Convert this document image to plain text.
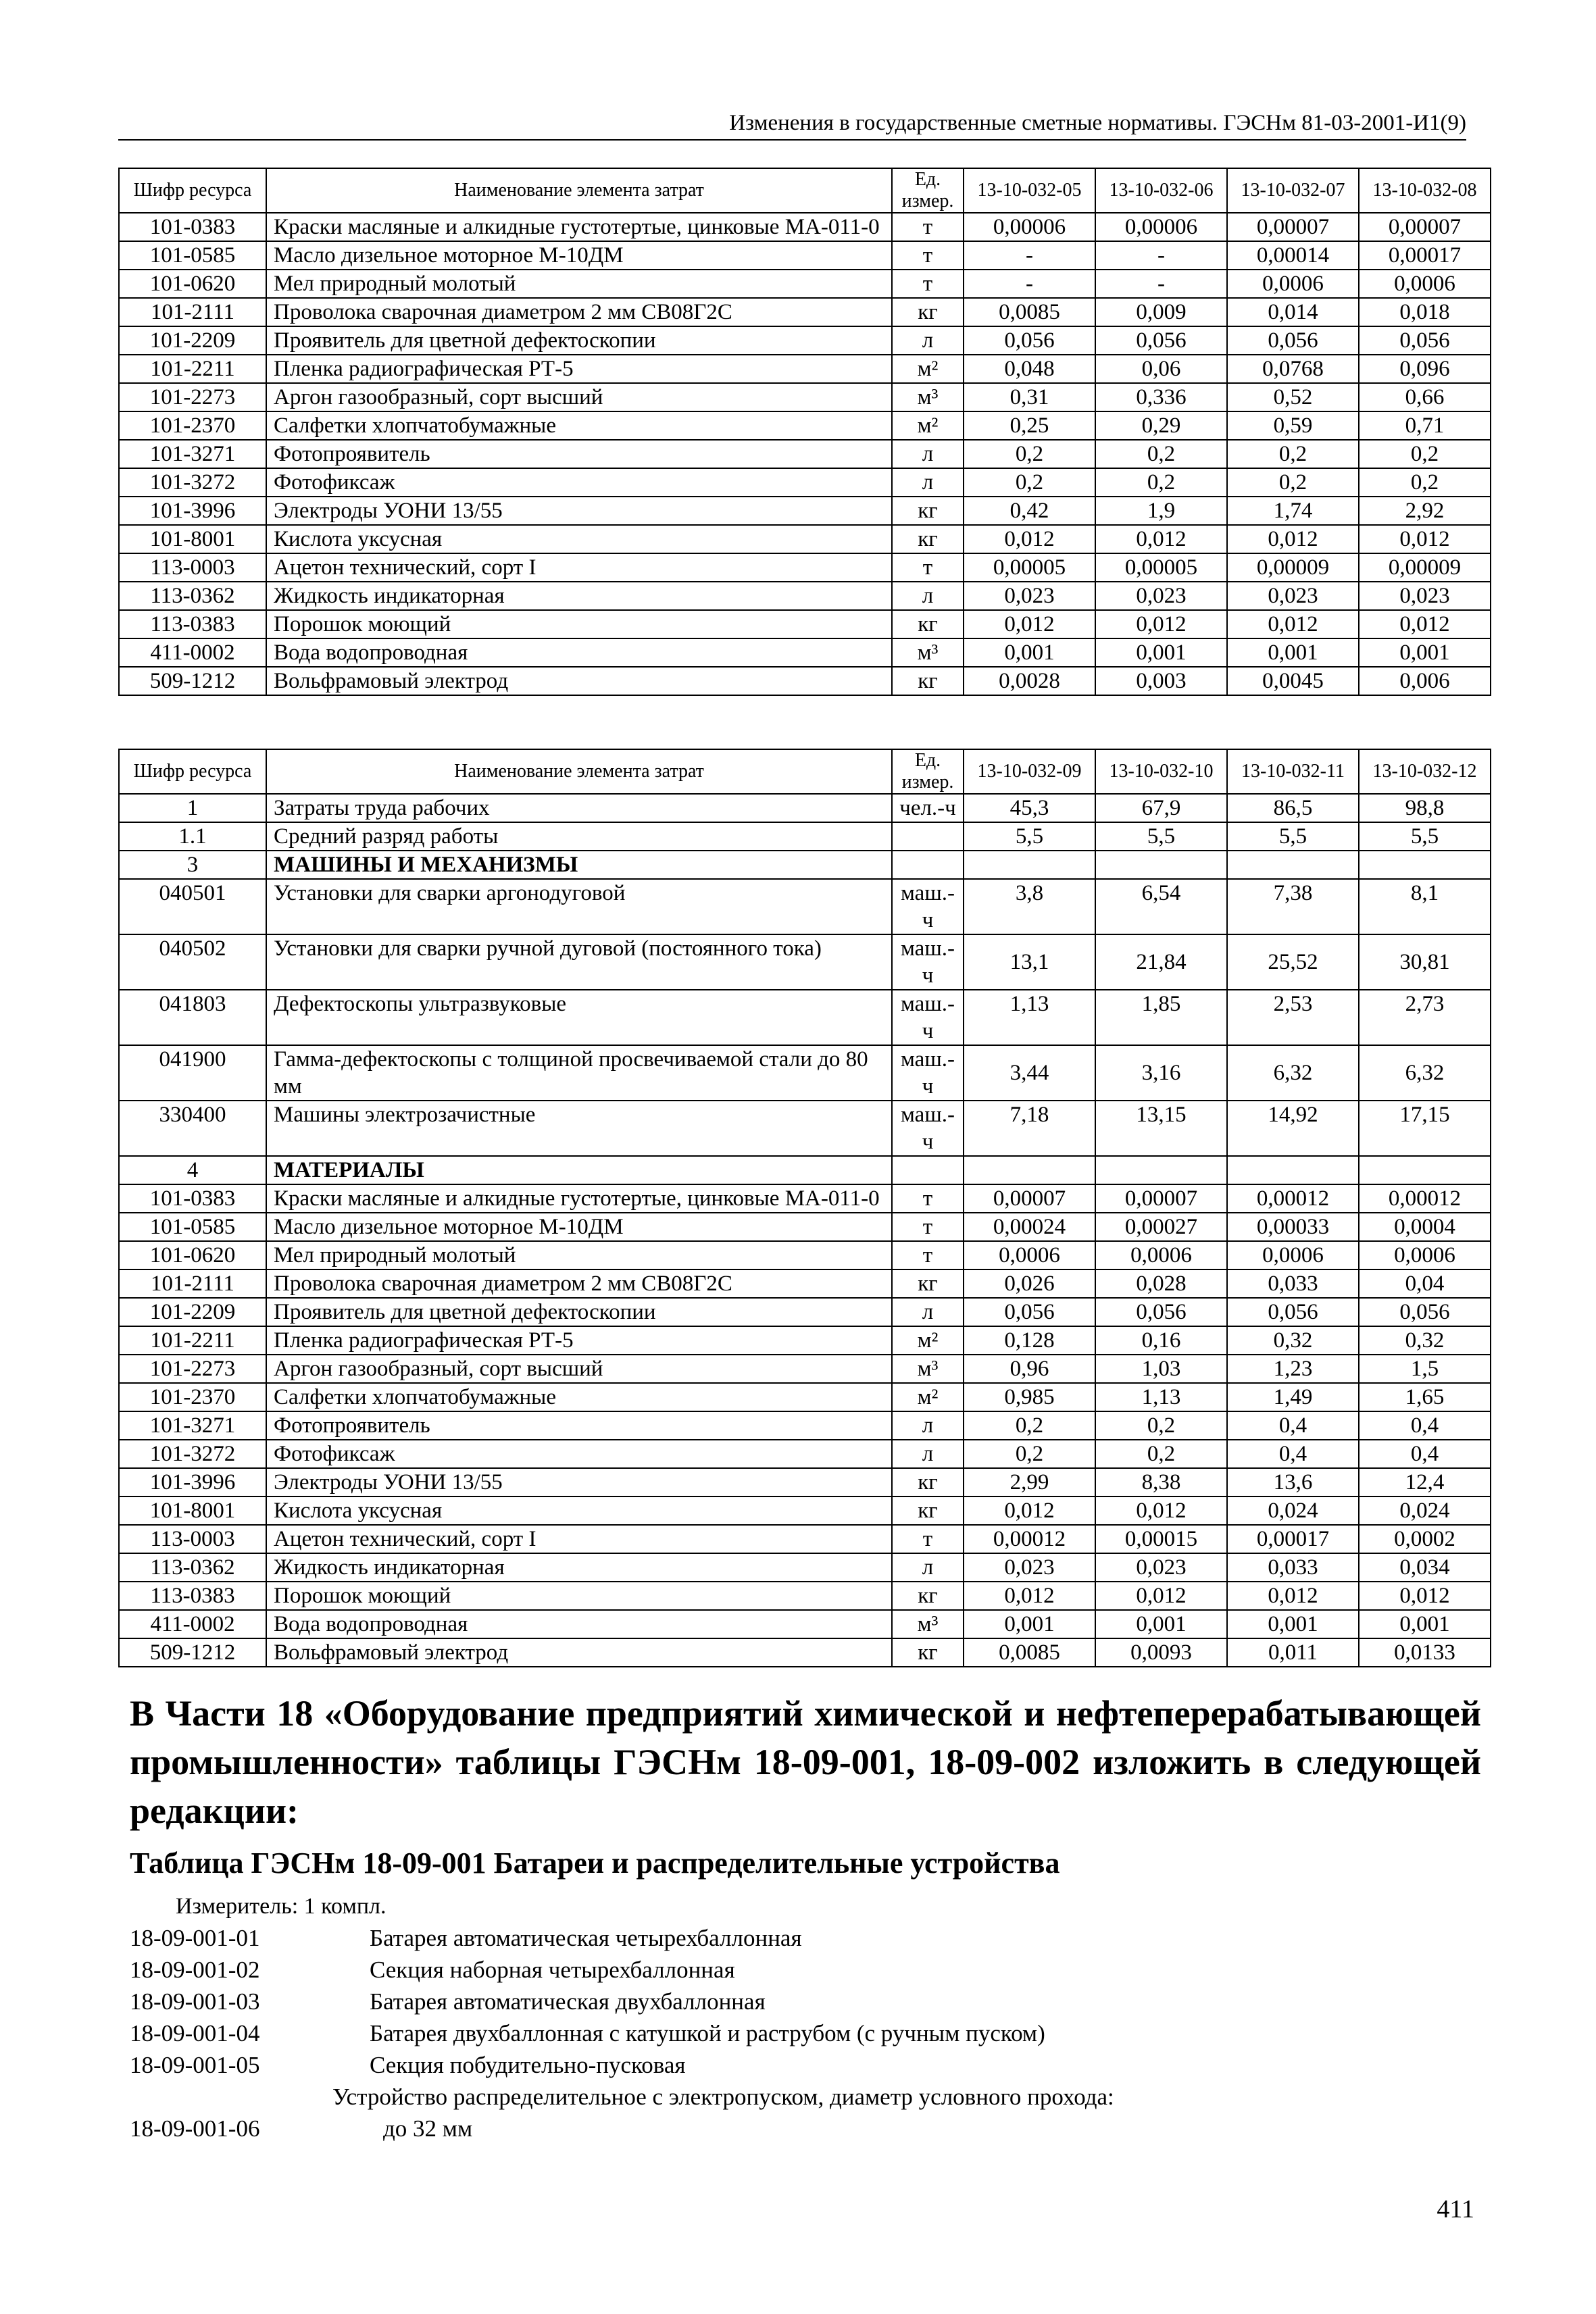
Изменения в государственные сметные нормативы. ГЭСНм 81-03-2001-И1(9)
Шифр ресурса	Наименование элемента затрат	Ед. измер.	13-10-032-05	13-10-032-06	13-10-032-07	13-10-032-08
101-0383	Краски масляные и алкидные густотертые, цинковые МА-011-0	т	0,00006	0,00006	0,00007	0,00007
101-0585	Масло дизельное моторное М-10ДМ	т	-	-	0,00014	0,00017
101-0620	Мел природный молотый	т	-	-	0,0006	0,0006
101-2111	Проволока сварочная диаметром 2 мм СВ08Г2С	кг	0,0085	0,009	0,014	0,018
101-2209	Проявитель для цветной дефектоскопии	л	0,056	0,056	0,056	0,056
101-2211	Пленка радиографическая РТ-5	м²	0,048	0,06	0,0768	0,096
101-2273	Аргон газообразный, сорт высший	м³	0,31	0,336	0,52	0,66
101-2370	Салфетки хлопчатобумажные	м²	0,25	0,29	0,59	0,71
101-3271	Фотопроявитель	л	0,2	0,2	0,2	0,2
101-3272	Фотофиксаж	л	0,2	0,2	0,2	0,2
101-3996	Электроды УОНИ 13/55	кг	0,42	1,9	1,74	2,92
101-8001	Кислота уксусная	кг	0,012	0,012	0,012	0,012
113-0003	Ацетон технический, сорт I	т	0,00005	0,00005	0,00009	0,00009
113-0362	Жидкость индикаторная	л	0,023	0,023	0,023	0,023
113-0383	Порошок моющий	кг	0,012	0,012	0,012	0,012
411-0002	Вода водопроводная	м³	0,001	0,001	0,001	0,001
509-1212	Вольфрамовый электрод	кг	0,0028	0,003	0,0045	0,006
Шифр ресурса	Наименование элемента затрат	Ед. измер.	13-10-032-09	13-10-032-10	13-10-032-11	13-10-032-12
1	Затраты труда рабочих	чел.-ч	45,3	67,9	86,5	98,8
1.1	Средний разряд работы		5,5	5,5	5,5	5,5
3	МАШИНЫ И МЕХАНИЗМЫ					
040501	Установки для сварки аргонодуговой	маш.-ч	3,8	6,54	7,38	8,1
040502	Установки для сварки ручной дуговой (постоянного тока)	маш.-ч	13,1	21,84	25,52	30,81
041803	Дефектоскопы ультразвуковые	маш.-ч	1,13	1,85	2,53	2,73
041900	Гамма-дефектоскопы с толщиной просвечиваемой стали до 80 мм	маш.-ч	3,44	3,16	6,32	6,32
330400	Машины электрозачистные	маш.-ч	7,18	13,15	14,92	17,15
4	МАТЕРИАЛЫ					
101-0383	Краски масляные и алкидные густотертые, цинковые МА-011-0	т	0,00007	0,00007	0,00012	0,00012
101-0585	Масло дизельное моторное М-10ДМ	т	0,00024	0,00027	0,00033	0,0004
101-0620	Мел природный молотый	т	0,0006	0,0006	0,0006	0,0006
101-2111	Проволока сварочная диаметром 2 мм СВ08Г2С	кг	0,026	0,028	0,033	0,04
101-2209	Проявитель для цветной дефектоскопии	л	0,056	0,056	0,056	0,056
101-2211	Пленка радиографическая РТ-5	м²	0,128	0,16	0,32	0,32
101-2273	Аргон газообразный, сорт высший	м³	0,96	1,03	1,23	1,5
101-2370	Салфетки хлопчатобумажные	м²	0,985	1,13	1,49	1,65
101-3271	Фотопроявитель	л	0,2	0,2	0,4	0,4
101-3272	Фотофиксаж	л	0,2	0,2	0,4	0,4
101-3996	Электроды УОНИ 13/55	кг	2,99	8,38	13,6	12,4
101-8001	Кислота уксусная	кг	0,012	0,012	0,024	0,024
113-0003	Ацетон технический, сорт I	т	0,00012	0,00015	0,00017	0,0002
113-0362	Жидкость индикаторная	л	0,023	0,023	0,033	0,034
113-0383	Порошок моющий	кг	0,012	0,012	0,012	0,012
411-0002	Вода водопроводная	м³	0,001	0,001	0,001	0,001
509-1212	Вольфрамовый электрод	кг	0,0085	0,0093	0,011	0,0133
В Части 18 «Оборудование предприятий химической и нефтеперерабатывающей промышленности» таблицы ГЭСНм 18-09-001, 18-09-002 изложить в следующей редакции:
Таблица ГЭСНм 18-09-001 Батареи и распределительные устройства
Измеритель: 1 компл.
18-09-001-01	Батарея автоматическая четырехбаллонная
18-09-001-02	Секция наборная четырехбаллонная
18-09-001-03	Батарея автоматическая двухбаллонная
18-09-001-04	Батарея двухбаллонная с катушкой и раструбом (с ручным пуском)
18-09-001-05	Секция побудительно-пусковая
Устройство распределительное с электропуском, диаметр условного прохода:
18-09-001-06	до 32 мм
411
